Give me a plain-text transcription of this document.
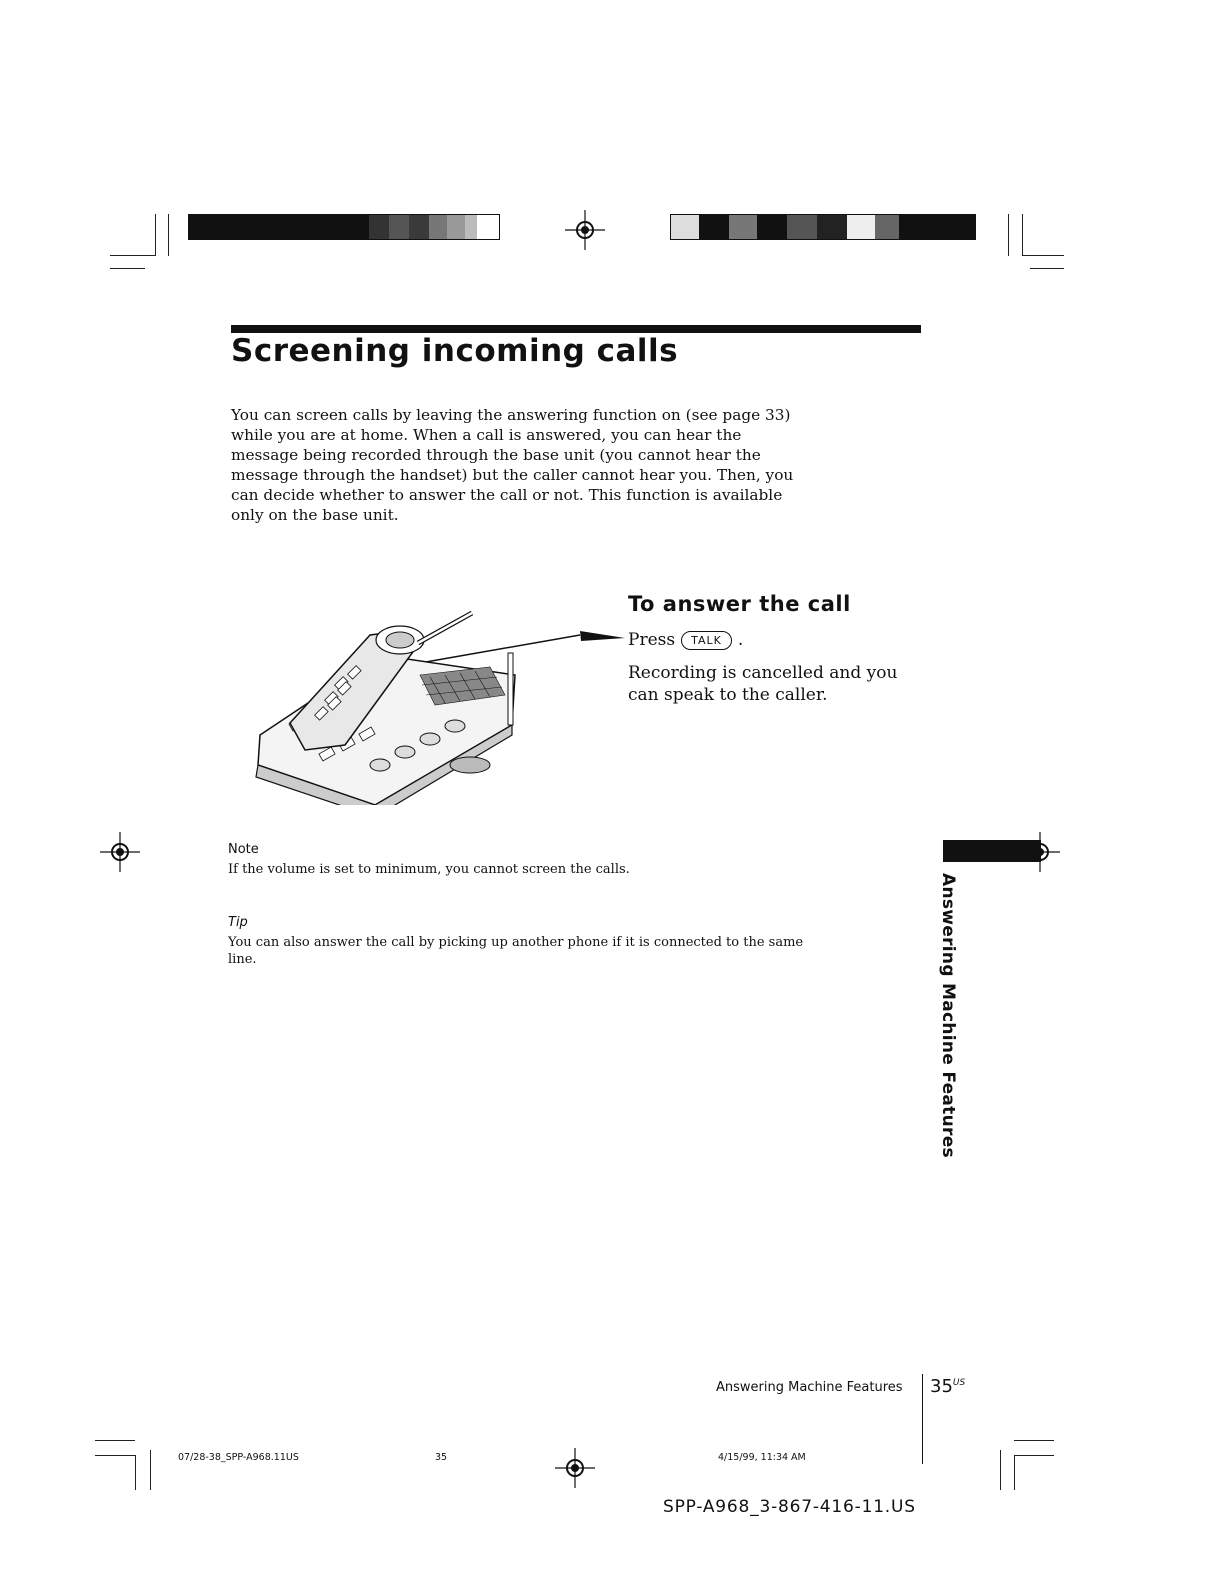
Screening incoming calls
You can screen calls by leaving the answering function on (see page 33) while you are at home. When a call is answered, you can hear the message being recorded through the base unit (you cannot hear the message through the handset) but the caller cannot hear you. Then, you can decide whether to answer the call or not. This function is available only on the base unit.
To answer the call
Press	TALK .
Recording is cancelled and you can speak to the caller.
Note
If the volume is set to minimum, you cannot screen the calls.
Tip
You can also answer the call by picking up another phone if it is connected to the same line.	Answering Machine Features
Answering Machine Features $35^{US}$
07/28-38_SPP-A968.11US	35	4/15/99, 11:34 AM
SPP-A968_3-867-416-11.US
